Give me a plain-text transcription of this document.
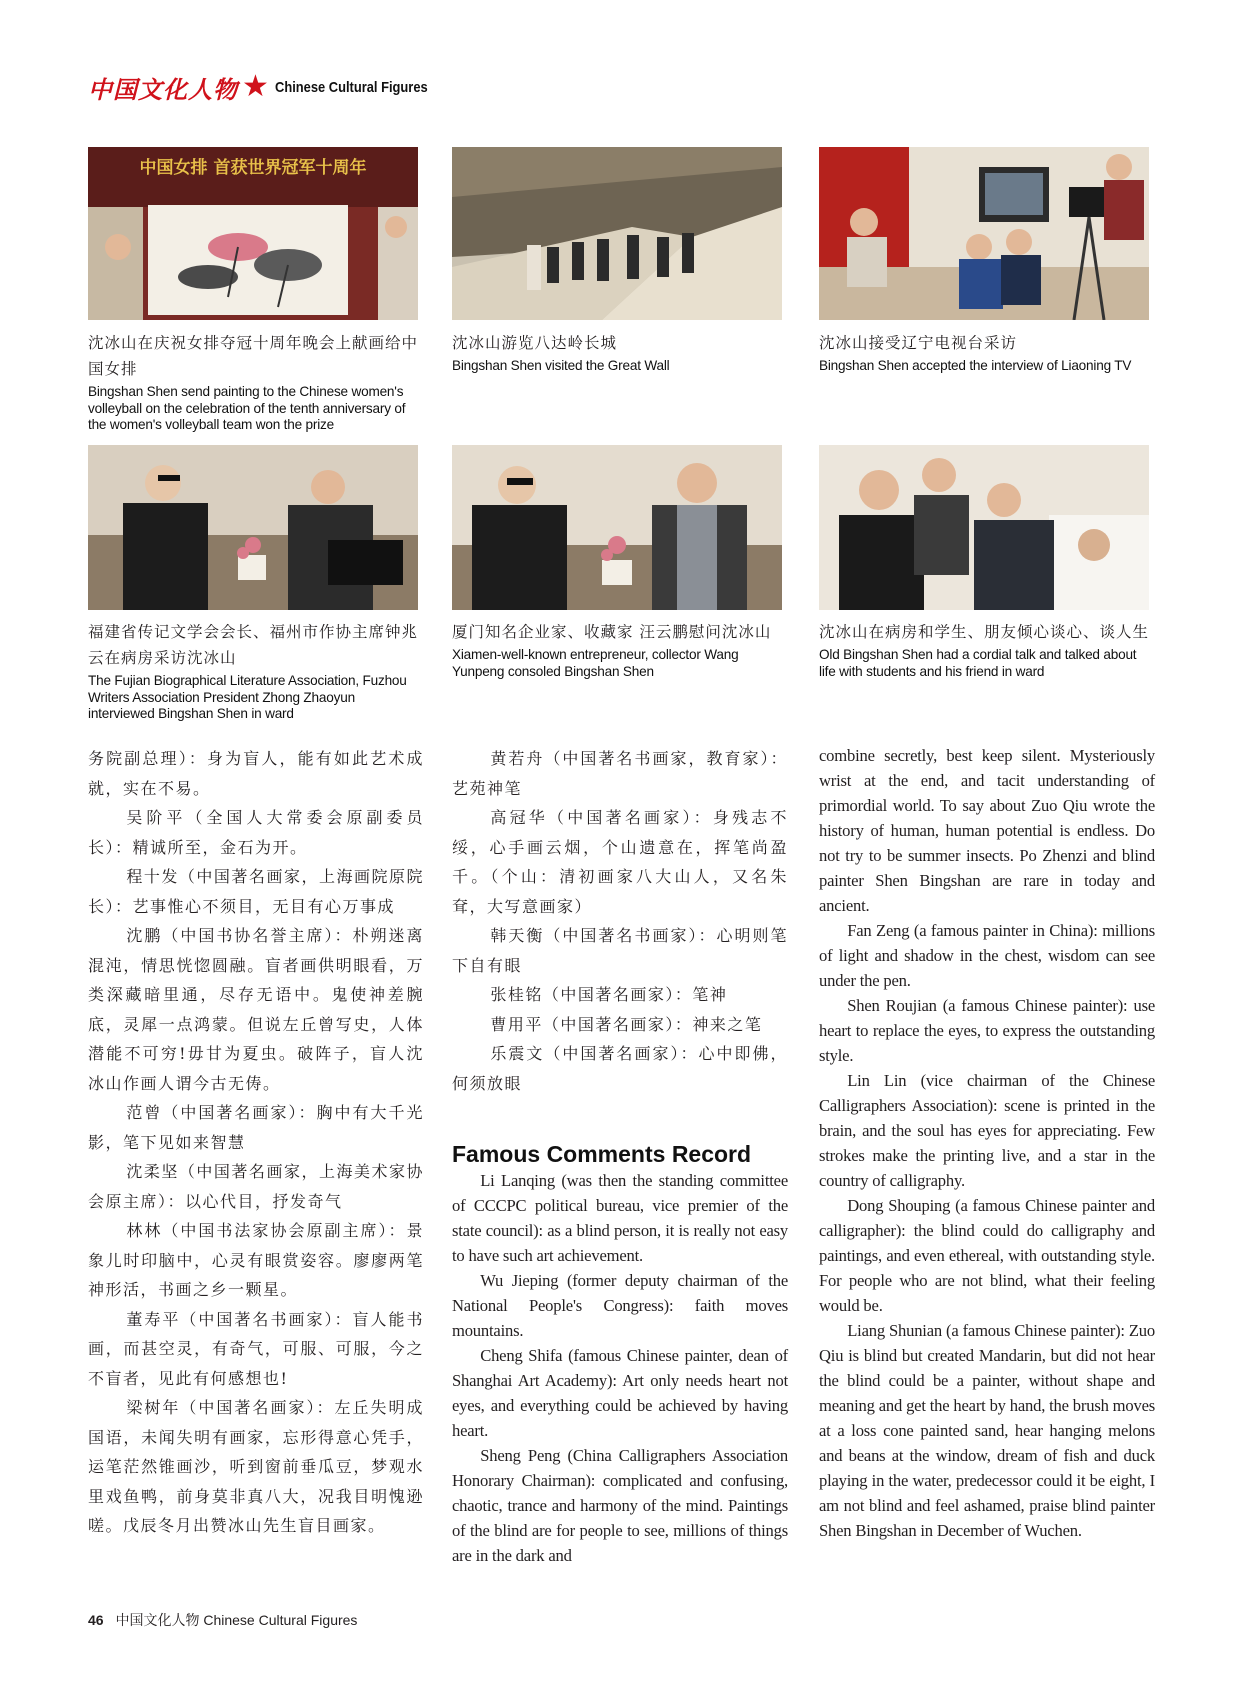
中国文化人物 ★ Chinese Cultural Figures
中国女排 首获世界冠军十周年
沈冰山在庆祝女排夺冠十周年晚会上献画给中国女排
Bingshan Shen send painting to the Chinese women's volleyball on the celebration of the tenth anniversary of the women's volleyball team won the prize
沈冰山游览八达岭长城
Bingshan Shen visited the Great Wall
沈冰山接受辽宁电视台采访
Bingshan Shen accepted the interview of Liaoning TV
福建省传记文学会会长、福州市作协主席钟兆云在病房采访沈冰山
The Fujian Biographical Literature Association, Fuzhou Writers Association President Zhong Zhaoyun interviewed Bingshan Shen in ward
厦门知名企业家、收藏家 汪云鹏慰问沈冰山
Xiamen-well-known entrepreneur, collector Wang Yunpeng consoled Bingshan Shen
沈冰山在病房和学生、朋友倾心谈心、谈人生
Old Bingshan Shen had a cordial talk and talked about life with students and his friend in ward

务院副总理）：身为盲人，能有如此艺术成就，实在不易。

吴阶平（全国人大常委会原副委员长）：精诚所至，金石为开。

程十发（中国著名画家，上海画院原院长）：艺事惟心不须目，无目有心万事成

沈鹏（中国书协名誉主席）：朴朔迷离混沌，情思恍惚圆融。盲者画供明眼看，万类深藏暗里通，尽存无语中。鬼使神差腕底，灵犀一点鸿蒙。但说左丘曾写史，人体潜能不可穷!毋甘为夏虫。破阵子，盲人沈冰山作画人谓今古无俦。

范曾（中国著名画家）：胸中有大千光影，笔下见如来智慧

沈柔坚（中国著名画家，上海美术家协会原主席）：以心代目，抒发奇气

林林（中国书法家协会原副主席）：景象儿时印脑中，心灵有眼赏姿容。廖廖两笔神形活，书画之乡一颗星。

董寿平（中国著名书画家）：盲人能书画，而甚空灵，有奇气，可服、可服，今之不盲者，见此有何感想也!

梁树年（中国著名画家）：左丘失明成国语，未闻失明有画家，忘形得意心凭手，运笔茫然锥画沙，听到窗前垂瓜豆，梦观水里戏鱼鸭，前身莫非真八大，况我目明愧逊嗟。戊辰冬月出赞冰山先生盲目画家。

黄若舟（中国著名书画家，教育家）：艺苑神笔

高冠华（中国著名画家）：身残志不绥，心手画云烟，个山遗意在，挥笔尚盈千。（个山：清初画家八大山人，又名朱耷，大写意画家）

韩天衡（中国著名书画家）：心明则笔下自有眼

张桂铭（中国著名画家）：笔神

曹用平（中国著名画家）：神来之笔

乐震文（中国著名画家）：心中即佛，何须放眼

Famous Comments Record

Li Lanqing (was then the standing committee of CCCPC political bureau, vice premier of the state council): as a blind person, it is really not easy to have such art achievement.

Wu Jieping (former deputy chairman of the National People's Congress): faith moves mountains.

Cheng Shifa (famous Chinese painter, dean of Shanghai Art Academy): Art only needs heart not eyes, and everything could be achieved by having heart.

Sheng Peng (China Calligraphers Association Honorary Chairman): complicated and confusing, chaotic, trance and harmony of the mind. Paintings of the blind are for people to see, millions of things are in the dark and

combine secretly, best keep silent. Mysteriously wrist at the end, and tacit understanding of primordial world. To say about Zuo Qiu wrote the history of human, human potential is endless. Do not try to be summer insects. Po Zhenzi and blind painter Shen Bingshan are rare in today and ancient.

Fan Zeng (a famous painter in China): millions of light and shadow in the chest, wisdom can see under the pen.

Shen Roujian (a famous Chinese painter): use heart to replace the eyes, to express the outstanding style.

Lin Lin (vice chairman of the Chinese Calligraphers Association): scene is printed in the brain, and the soul has eyes for appreciating. Few strokes make the printing live, and a star in the country of calligraphy.

Dong Shouping (a famous Chinese painter and calligrapher): the blind could do calligraphy and paintings, and even ethereal, with outstanding style. For people who are not blind, what their feeling would be.

Liang Shunian (a famous Chinese painter): Zuo Qiu is blind but created Mandarin, but did not hear the blind could be a painter, without shape and meaning and get the heart by hand, the brush moves at a loss cone painted sand, hear hanging melons and beans at the window, dream of fish and duck playing in the water, predecessor could it be eight, I am not blind and feel ashamed, praise blind painter Shen Bingshan in December of Wuchen.

46 中国文化人物 Chinese Cultural Figures
